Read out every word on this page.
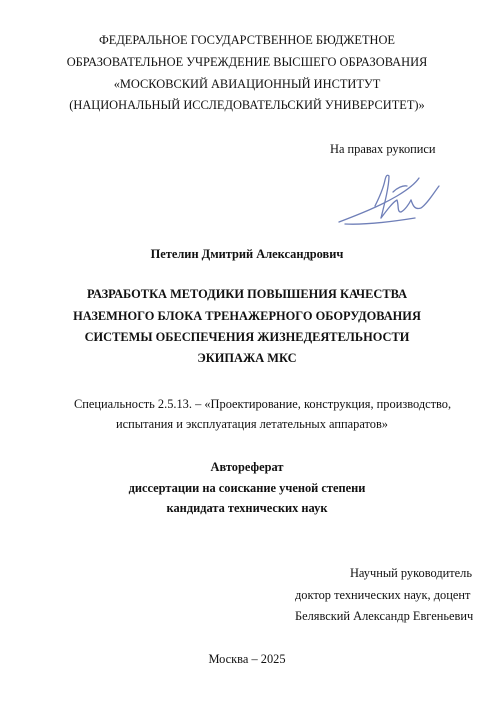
ФЕДЕРАЛЬНОЕ ГОСУДАРСТВЕННОЕ БЮДЖЕТНОЕ
ОБРАЗОВАТЕЛЬНОЕ УЧРЕЖДЕНИЕ ВЫСШЕГО ОБРАЗОВАНИЯ
«МОСКОВСКИЙ АВИАЦИОННЫЙ ИНСТИТУТ
(НАЦИОНАЛЬНЫЙ ИССЛЕДОВАТЕЛЬСКИЙ УНИВЕРСИТЕТ)»
На правах рукописи
Петелин Дмитрий Александрович
РАЗРАБОТКА МЕТОДИКИ ПОВЫШЕНИЯ КАЧЕСТВА
НАЗЕМНОГО БЛОКА ТРЕНАЖЕРНОГО ОБОРУДОВАНИЯ
СИСТЕМЫ ОБЕСПЕЧЕНИЯ ЖИЗНЕДЕЯТЕЛЬНОСТИ
ЭКИПАЖА МКС
Специальность 2.5.13. – «Проектирование, конструкция, производство,
испытания и эксплуатация летательных аппаратов»
Автореферат
диссертации на соискание ученой степени
кандидата технических наук
Научный руководитель
доктор технических наук, доцент
Белявский Александр Евгеньевич
Москва – 2025
